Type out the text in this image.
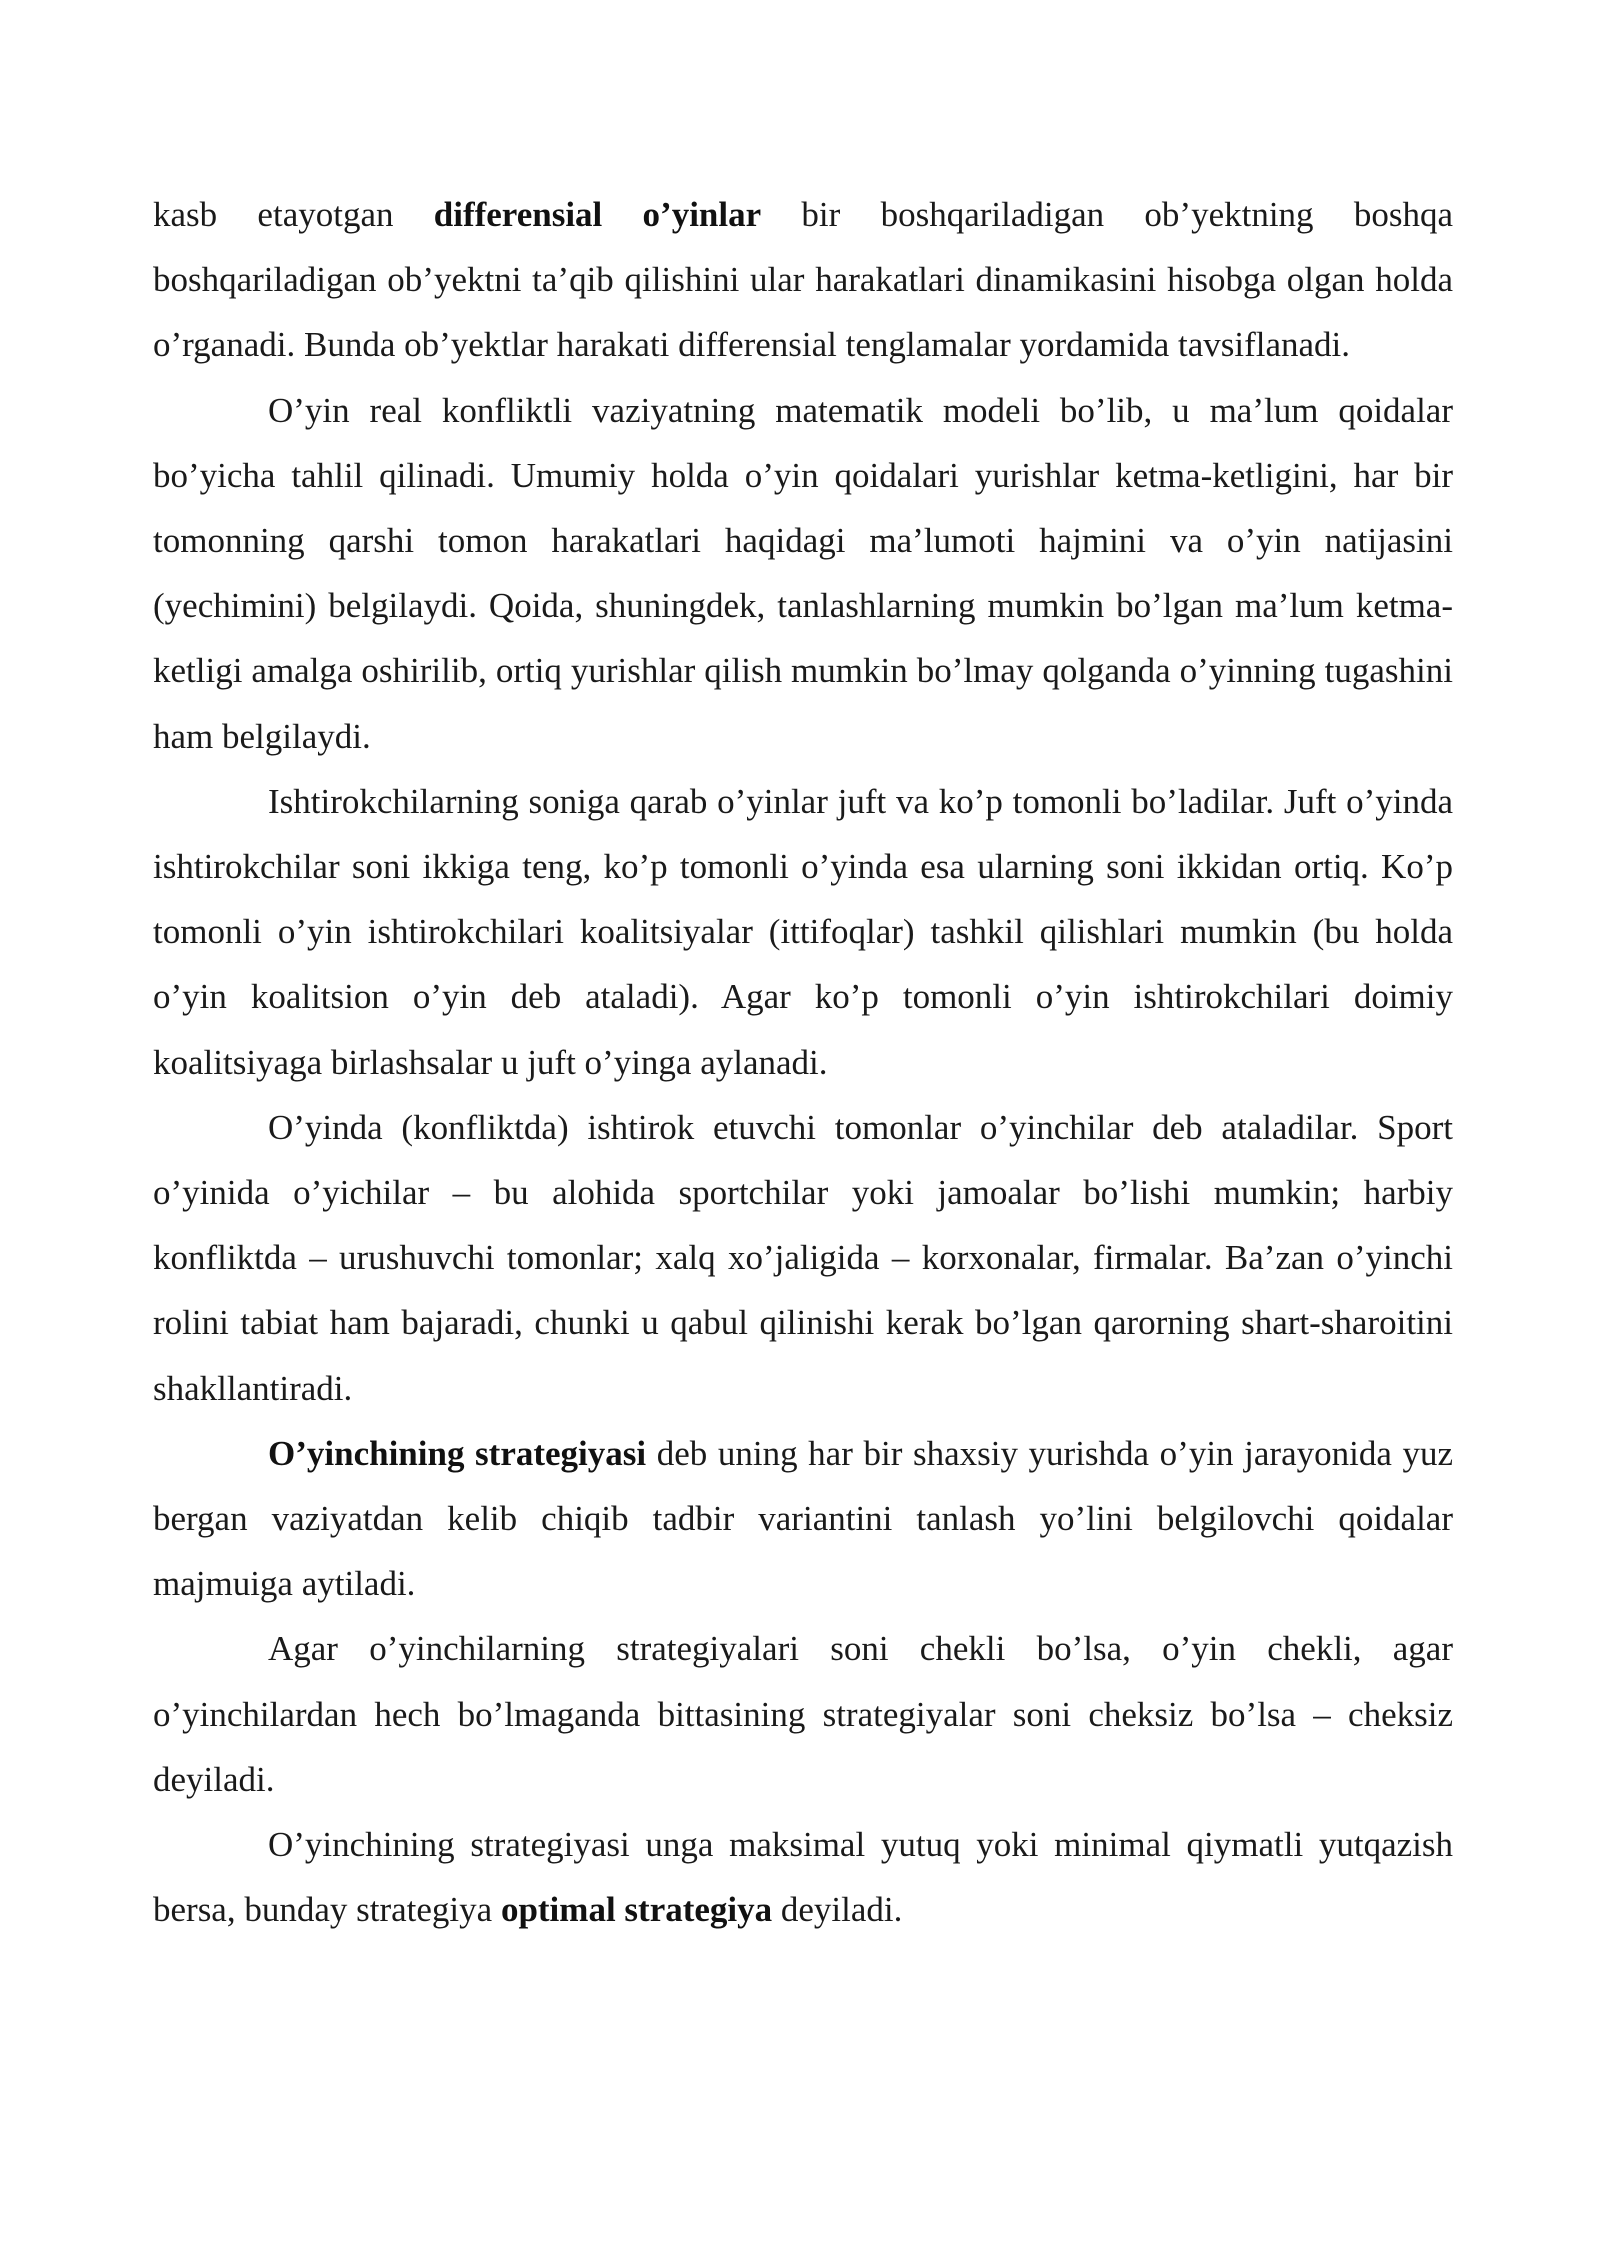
kasb etayotgan differensial o’yinlar bir boshqariladigan ob’yektning boshqa boshqariladigan ob’yektni ta’qib qilishini ular harakatlari dinamikasini hisobga olgan holda o’rganadi. Bunda ob’yektlar harakati differensial tenglamalar yordamida tavsiflanadi.

O’yin real konfliktli vaziyatning matematik modeli bo’lib, u ma’lum qoidalar bo’yicha tahlil qilinadi. Umumiy holda o’yin qoidalari yurishlar ketma-ketligini, har bir tomonning qarshi tomon harakatlari haqidagi ma’lumoti hajmini va o’yin natijasini (yechimini) belgilaydi. Qoida, shuningdek, tanlashlarning mumkin bo’lgan ma’lum ketma-ketligi amalga oshirilib, ortiq yurishlar qilish mumkin bo’lmay qolganda o’yinning tugashini ham belgilaydi.

Ishtirokchilarning soniga qarab o’yinlar juft va ko’p tomonli bo’ladilar. Juft o’yinda ishtirokchilar soni ikkiga teng, ko’p tomonli o’yinda esa ularning soni ikkidan ortiq. Ko’p tomonli o’yin ishtirokchilari koalitsiyalar (ittifoqlar) tashkil qilishlari mumkin (bu holda o’yin koalitsion o’yin deb ataladi). Agar ko’p tomonli o’yin ishtirokchilari doimiy koalitsiyaga birlashsalar u juft o’yinga aylanadi.

O’yinda (konfliktda) ishtirok etuvchi tomonlar o’yinchilar deb ataladilar. Sport o’yinida o’yichilar – bu alohida sportchilar yoki jamoalar bo’lishi mumkin; harbiy konfliktda – urushuvchi tomonlar; xalq xo’jaligida – korxonalar, firmalar. Ba’zan o’yinchi rolini tabiat ham bajaradi, chunki u qabul qilinishi kerak bo’lgan qarorning shart-sharoitini shakllantiradi.

O’yinchining strategiyasi deb uning har bir shaxsiy yurishda o’yin jarayonida yuz bergan vaziyatdan kelib chiqib tadbir variantini tanlash yo’lini belgilovchi qoidalar majmuiga aytiladi.

Agar o’yinchilarning strategiyalari soni chekli bo’lsa, o’yin chekli, agar o’yinchilardan hech bo’lmaganda bittasining strategiyalar soni cheksiz bo’lsa – cheksiz deyiladi.

O’yinchining strategiyasi unga maksimal yutuq yoki minimal qiymatli yutqazish bersa, bunday strategiya optimal strategiya deyiladi.
